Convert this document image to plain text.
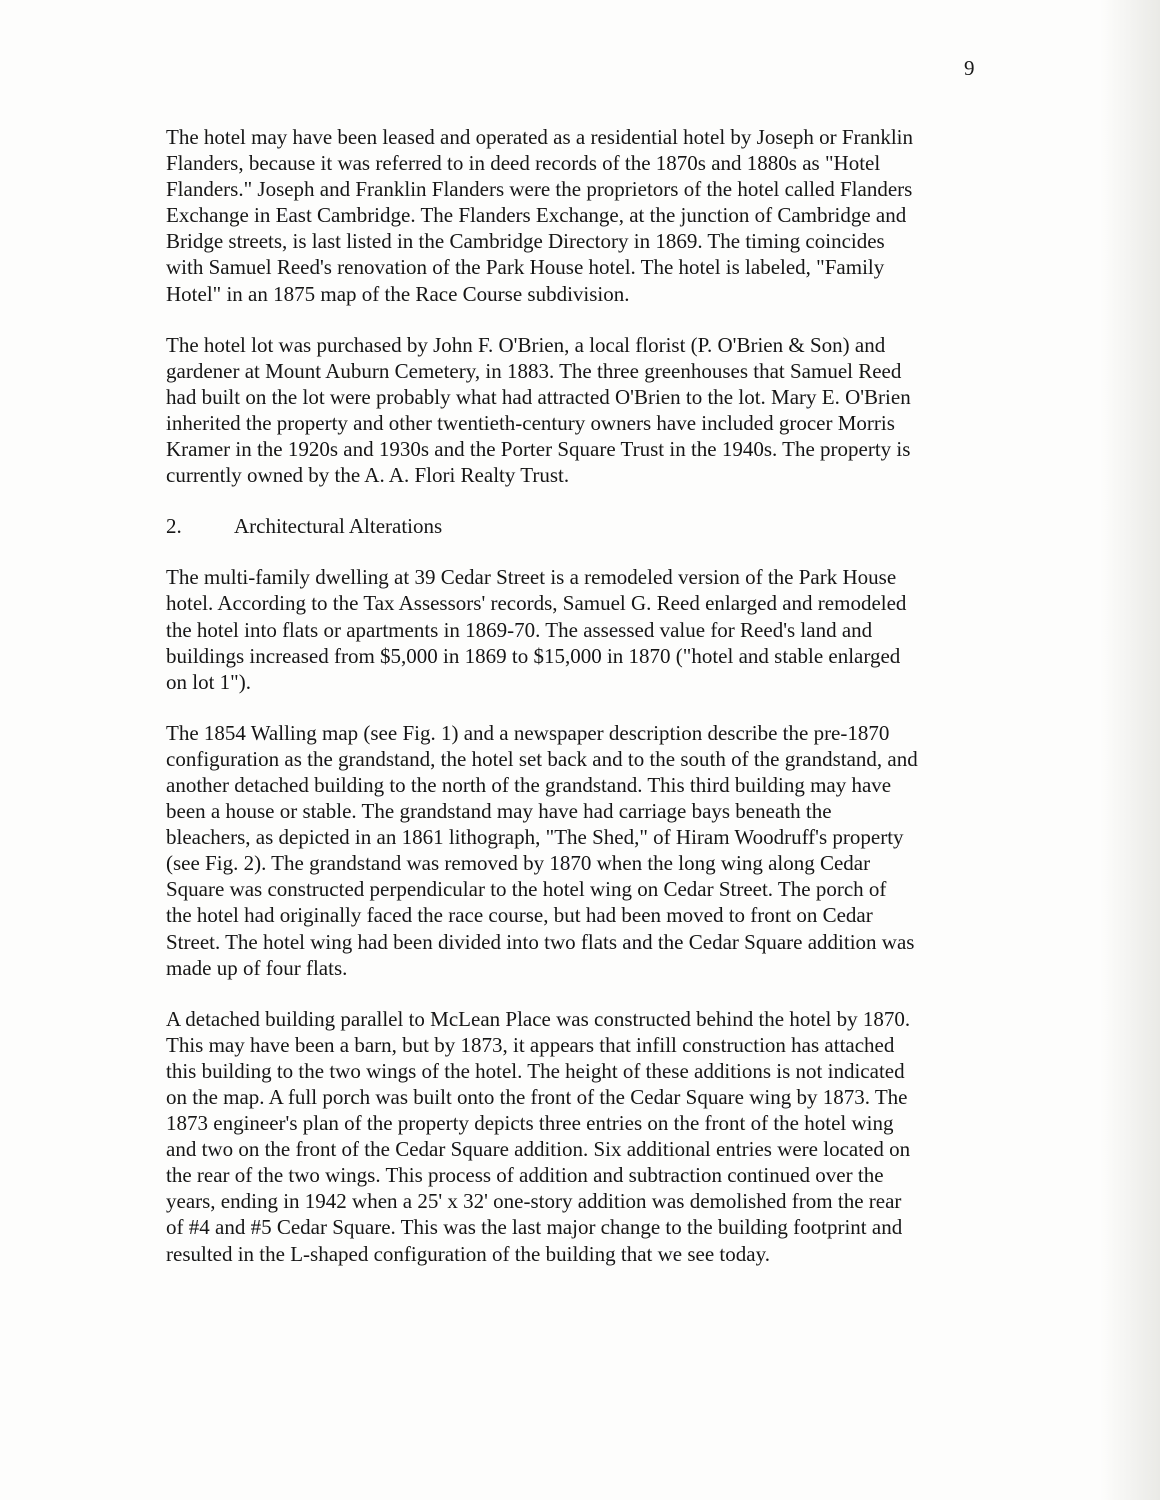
9

The hotel may have been leased and operated as a residential hotel by Joseph or Franklin
Flanders, because it was referred to in deed records of the 1870s and 1880s as "Hotel
Flanders." Joseph and Franklin Flanders were the proprietors of the hotel called Flanders
Exchange in East Cambridge. The Flanders Exchange, at the junction of Cambridge and
Bridge streets, is last listed in the Cambridge Directory in 1869. The timing coincides
with Samuel Reed's renovation of the Park House hotel. The hotel is labeled, "Family
Hotel" in an 1875 map of the Race Course subdivision.

The hotel lot was purchased by John F. O'Brien, a local florist (P. O'Brien & Son) and
gardener at Mount Auburn Cemetery, in 1883. The three greenhouses that Samuel Reed
had built on the lot were probably what had attracted O'Brien to the lot. Mary E. O'Brien
inherited the property and other twentieth-century owners have included grocer Morris
Kramer in the 1920s and 1930s and the Porter Square Trust in the 1940s. The property is
currently owned by the A. A. Flori Realty Trust.

2.	Architectural Alterations

The multi-family dwelling at 39 Cedar Street is a remodeled version of the Park House
hotel. According to the Tax Assessors' records, Samuel G. Reed enlarged and remodeled
the hotel into flats or apartments in 1869-70. The assessed value for Reed's land and
buildings increased from $5,000 in 1869 to $15,000 in 1870 ("hotel and stable enlarged
on lot 1").

The 1854 Walling map (see Fig. 1) and a newspaper description describe the pre-1870
configuration as the grandstand, the hotel set back and to the south of the grandstand, and
another detached building to the north of the grandstand. This third building may have
been a house or stable. The grandstand may have had carriage bays beneath the
bleachers, as depicted in an 1861 lithograph, "The Shed," of Hiram Woodruff's property
(see Fig. 2). The grandstand was removed by 1870 when the long wing along Cedar
Square was constructed perpendicular to the hotel wing on Cedar Street. The porch of
the hotel had originally faced the race course, but had been moved to front on Cedar
Street. The hotel wing had been divided into two flats and the Cedar Square addition was
made up of four flats.

A detached building parallel to McLean Place was constructed behind the hotel by 1870.
This may have been a barn, but by 1873, it appears that infill construction has attached
this building to the two wings of the hotel. The height of these additions is not indicated
on the map. A full porch was built onto the front of the Cedar Square wing by 1873. The
1873 engineer's plan of the property depicts three entries on the front of the hotel wing
and two on the front of the Cedar Square addition. Six additional entries were located on
the rear of the two wings. This process of addition and subtraction continued over the
years, ending in 1942 when a 25' x 32' one-story addition was demolished from the rear
of #4 and #5 Cedar Square. This was the last major change to the building footprint and
resulted in the L-shaped configuration of the building that we see today.
